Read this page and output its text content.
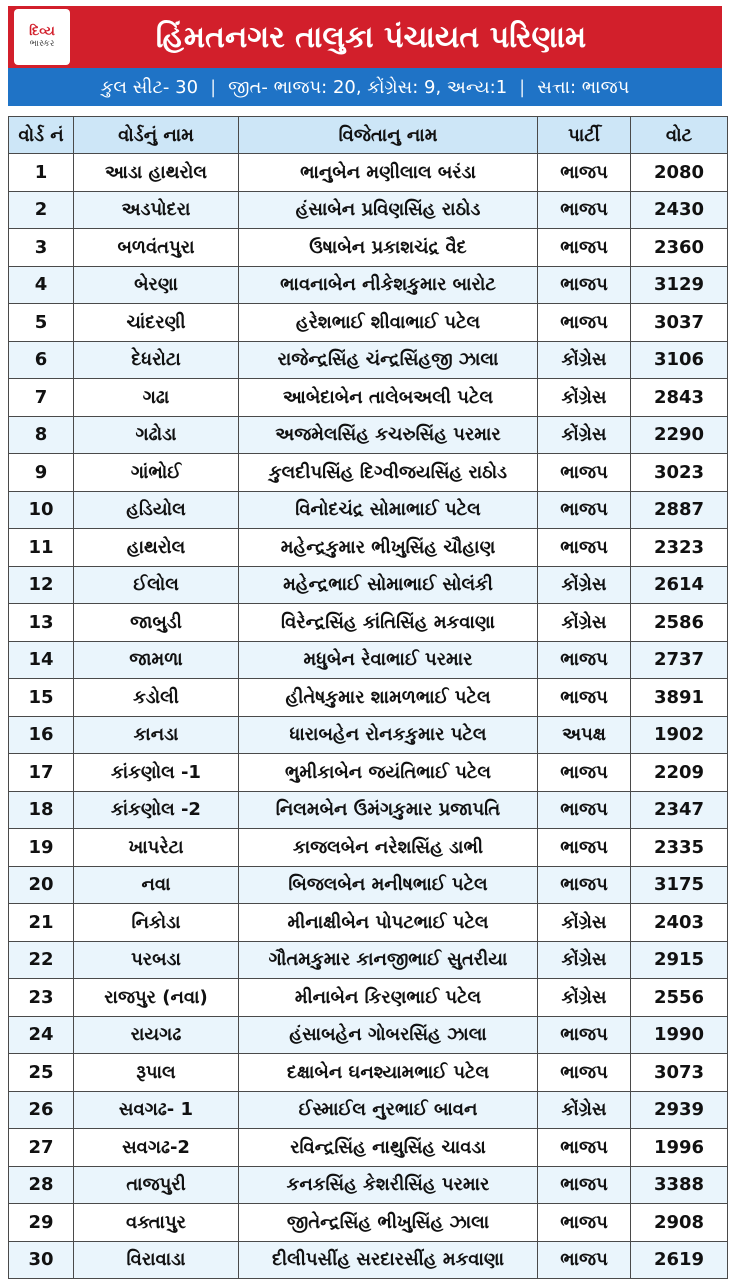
દિવ્ય
ભાસ્કર	હિંમતનગર તાલુકા પંચાયત પરિણામ
કુલ સીટ- 30 | જીત- ભાજપ: 20, કોંગ્રેસ: 9, અન્ય:1 | સત્તા: ભાજપ
વોર્ડ નં	વોર્ડનું નામ	વિજેતાનુ નામ	પાર્ટી	વોટ
1	આડા હાથરોલ	ભાનુબેન મણીલાલ બરંડા	ભાજપ	2080
2	અડપોદરા	હંસાબેન પ્રવિણસિંહ રાઠોડ	ભાજપ	2430
3	બળવંતપુરા	ઉષાબેન પ્રકાશચંદ્ર વૈદ	ભાજપ	2360
4	બેરણા	ભાવનાબેન નીકેશકુમાર બારોટ	ભાજપ	3129
5	ચાંદરણી	હરેશભાઈ શીવાભાઈ પટેલ	ભાજપ	3037
6	દેધરોટા	રાજેન્દ્રસિંહ ચંન્દ્રસિંહજી ઝાલા	કોંગ્રેસ	3106
7	ગઢા	આબેદાબેન તાલેબઅલી પટેલ	કોંગ્રેસ	2843
8	ગઢોડા	અજમેલસિંહ કચરુસિંહ પરમાર	કોંગ્રેસ	2290
9	ગાંભોઈ	કુલદીપસિંહ દિગ્વીજયસિંહ રાઠોડ	ભાજપ	3023
10	હડિયોલ	વિનોદચંદ્ર સોમાભાઈ પટેલ	ભાજપ	2887
11	હાથરોલ	મહેન્દ્રકુમાર ભીખુસિંહ ચૌહાણ	ભાજપ	2323
12	ઈલોલ	મહેન્દ્રભાઈ સોમાભાઈ સોલંકી	કોંગ્રેસ	2614
13	જાબુડી	વિરેન્દ્રસિંહ કાંતિસિંહ મકવાણા	કોંગ્રેસ	2586
14	જામળા	મધુબેન રેવાભાઈ પરમાર	ભાજપ	2737
15	કડોલી	હીતેષકુમાર શામળભાઈ પટેલ	ભાજપ	3891
16	કાનડા	ધારાબહેન રોનકકુમાર પટેલ	અપક્ષ	1902
17	કાંકણોલ -1	ભુમીકાબેન જયંતિભાઈ પટેલ	ભાજપ	2209
18	કાંકણોલ -2	નિલમબેન ઉમંગકુમાર પ્રજાપતિ	ભાજપ	2347
19	ખાપરેટા	કાજલબેન નરેશસિંહ ડાભી	ભાજપ	2335
20	નવા	બિજલબેન મનીષભાઈ પટેલ	ભાજપ	3175
21	નિકોડા	મીનાક્ષીબેન પોપટભાઈ પટેલ	કોંગ્રેસ	2403
22	પરબડા	ગૌતમકુમાર કાનજીભાઈ સુતરીયા	કોંગ્રેસ	2915
23	રાજપુર (નવા)	મીનાબેન કિરણભાઈ પટેલ	કોંગ્રેસ	2556
24	રાયગઢ	હંસાબહેન ગોબરસિંહ ઝાલા	ભાજપ	1990
25	રૂપાલ	દક્ષાબેન ઘનશ્યામભાઈ પટેલ	ભાજપ	3073
26	સવગઢ- 1	ઈસ્માઈલ નુરભાઈ બાવન	કોંગ્રેસ	2939
27	સવગઢ-2	રવિન્દ્રસિંહ નાથુસિંહ ચાવડા	ભાજપ	1996
28	તાજપુરી	કનકસિંહ કેશરીસિંહ પરમાર	ભાજપ	3388
29	વક્તાપુર	જીતેન્દ્રસિંહ ભીખુસિંહ ઝાલા	ભાજપ	2908
30	વિરાવાડા	દીલીપસીંહ સરદારસીંહ મકવાણા	ભાજપ	2619
